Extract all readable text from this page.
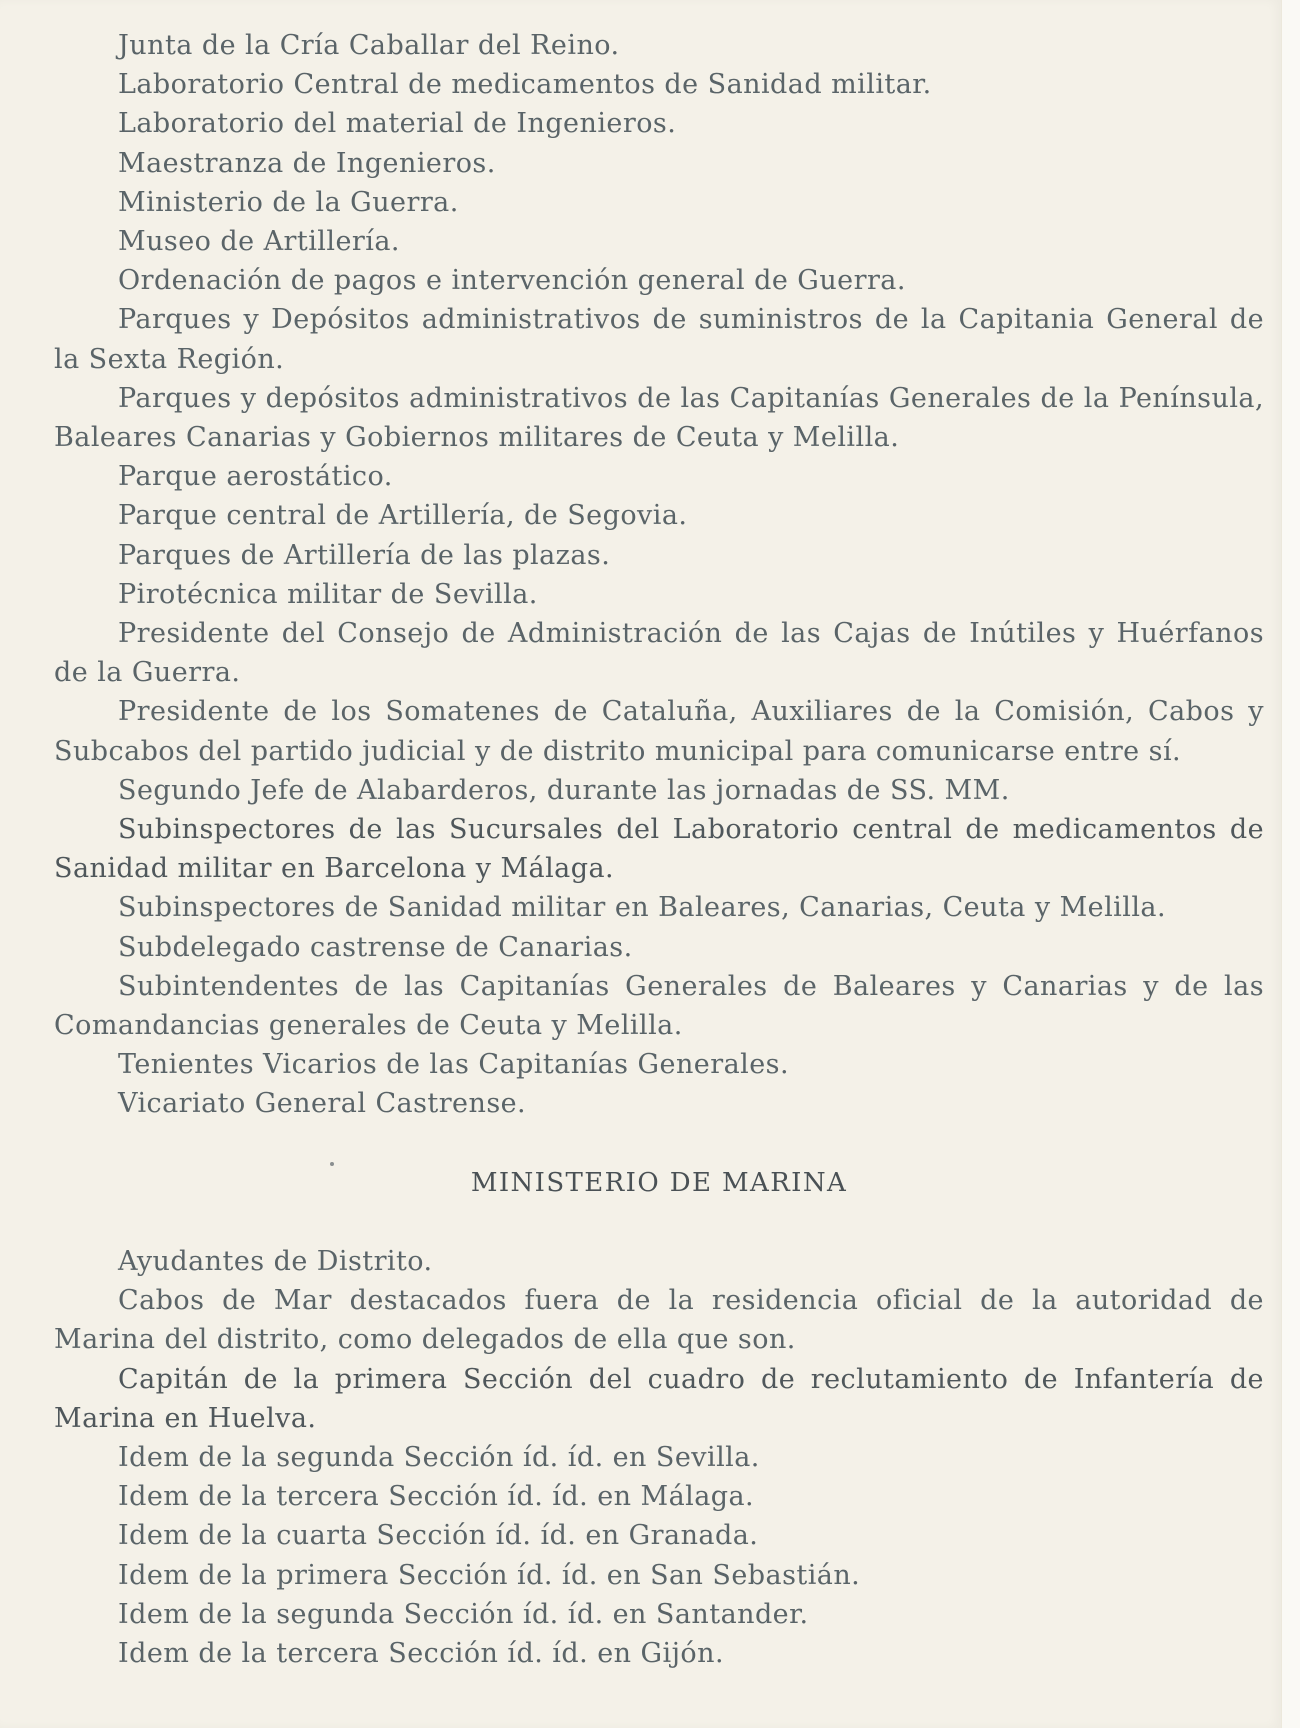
Junta de la Cría Caballar del Reino.

Laboratorio Central de medicamentos de Sanidad militar.

Laboratorio del material de Ingenieros.

Maestranza de Ingenieros.

Ministerio de la Guerra.

Museo de Artillería.

Ordenación de pagos e intervención general de Guerra.

Parques y Depósitos administrativos de suministros de la Capitania General de la Sexta Región.

Parques y depósitos administrativos de las Capitanías Generales de la Península, Baleares Canarias y Gobiernos militares de Ceuta y Melilla.

Parque aerostático.

Parque central de Artillería, de Segovia.

Parques de Artillería de las plazas.

Pirotécnica militar de Sevilla.

Presidente del Consejo de Administración de las Cajas de Inútiles y Huérfanos de la Guerra.

Presidente de los Somatenes de Cataluña, Auxiliares de la Comisión, Cabos y Subcabos del partido judicial y de distrito municipal para comunicarse entre sí.

Segundo Jefe de Alabarderos, durante las jornadas de SS. MM.

Subinspectores de las Sucursales del Laboratorio central de medicamentos de Sanidad militar en Barcelona y Málaga.

Subinspectores de Sanidad militar en Baleares, Canarias, Ceuta y Melilla.

Subdelegado castrense de Canarias.

Subintendentes de las Capitanías Generales de Baleares y Canarias y de las Comandancias generales de Ceuta y Melilla.

Tenientes Vicarios de las Capitanías Generales.

Vicariato General Castrense.

MINISTERIO DE MARINA

Ayudantes de Distrito.

Cabos de Mar destacados fuera de la residencia oficial de la autoridad de Marina del distrito, como delegados de ella que son.

Capitán de la primera Sección del cuadro de reclutamiento de Infantería de Marina en Huelva.

Idem de la segunda Sección íd. íd. en Sevilla.

Idem de la tercera Sección íd. íd. en Málaga.

Idem de la cuarta Sección íd. íd. en Granada.

Idem de la primera Sección íd. íd. en San Sebastián.

Idem de la segunda Sección íd. íd. en Santander.

Idem de la tercera Sección íd. íd. en Gijón.
